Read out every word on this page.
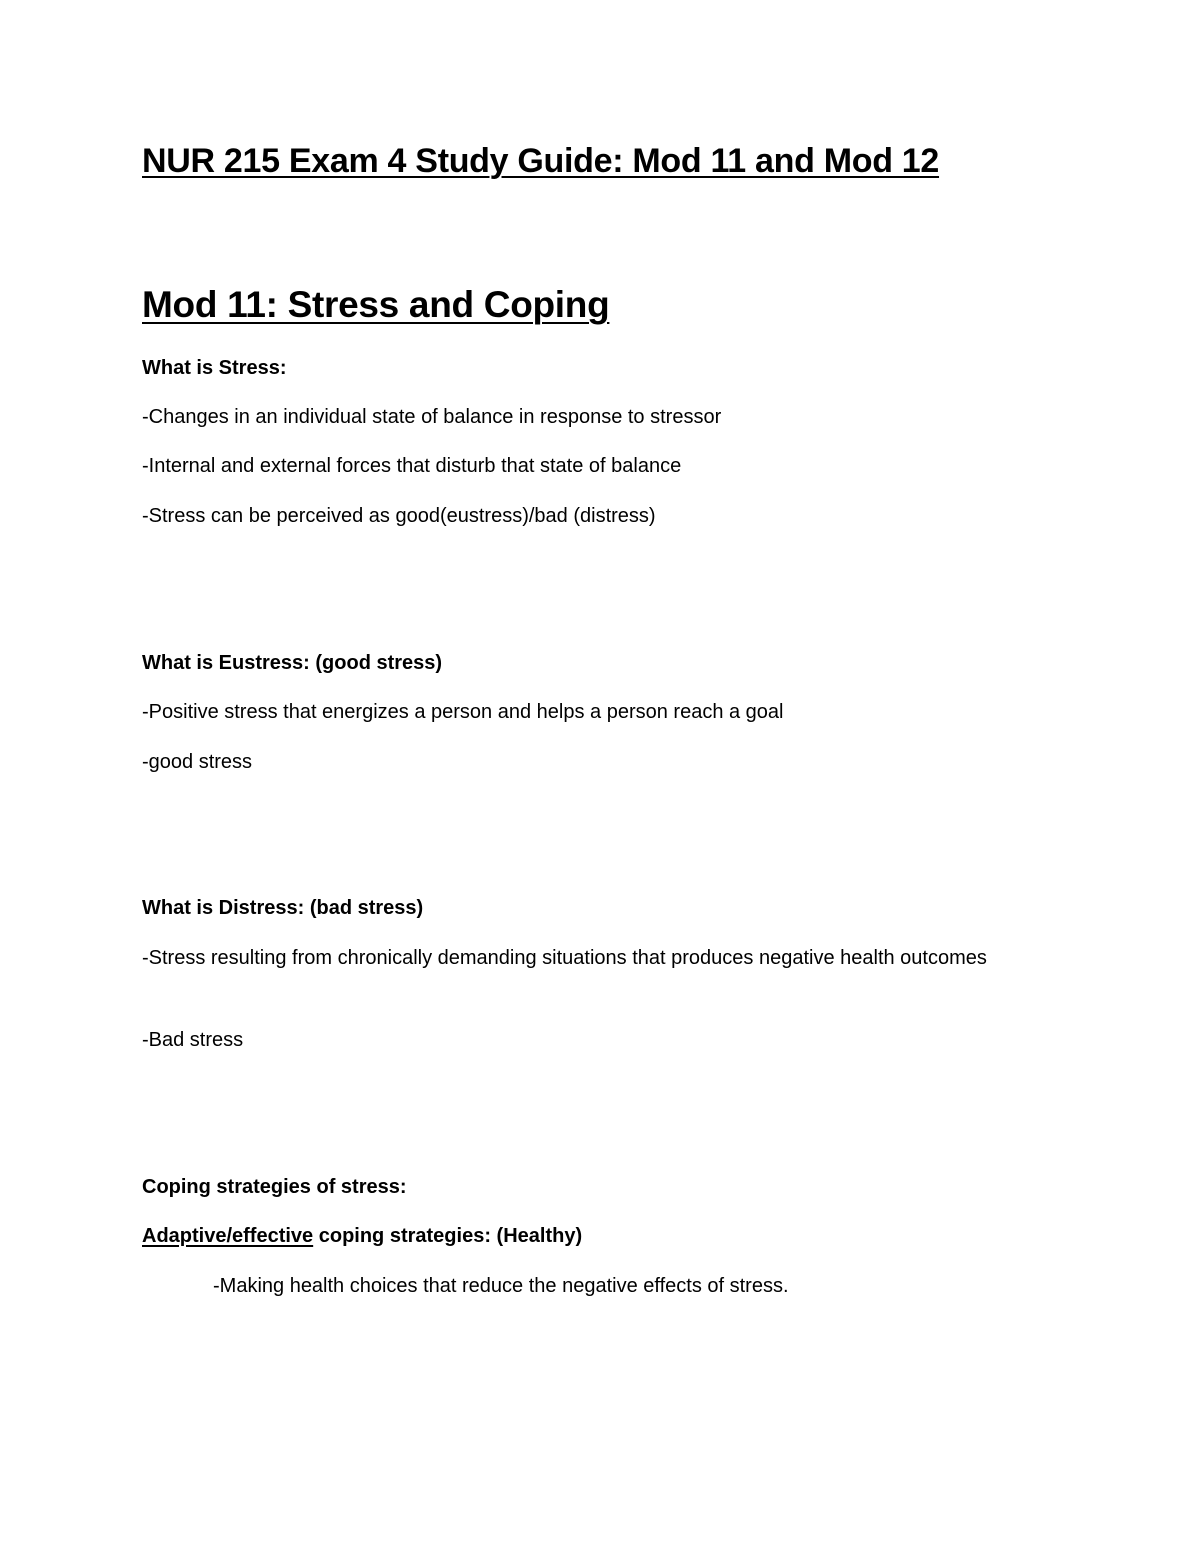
NUR 215 Exam 4 Study Guide: Mod 11 and Mod 12
Mod 11: Stress and Coping
What is Stress:
-Changes in an individual state of balance in response to stressor
-Internal and external forces that disturb that state of balance
-Stress can be perceived as good(eustress)/bad (distress)
What is Eustress: (good stress)
-Positive stress that energizes a person and helps a person reach a goal
-good stress
What is Distress: (bad stress)
-Stress resulting from chronically demanding situations that produces negative health outcomes
-Bad stress
Coping strategies of stress:
Adaptive/effective coping strategies: (Healthy)
-Making health choices that reduce the negative effects of stress.
